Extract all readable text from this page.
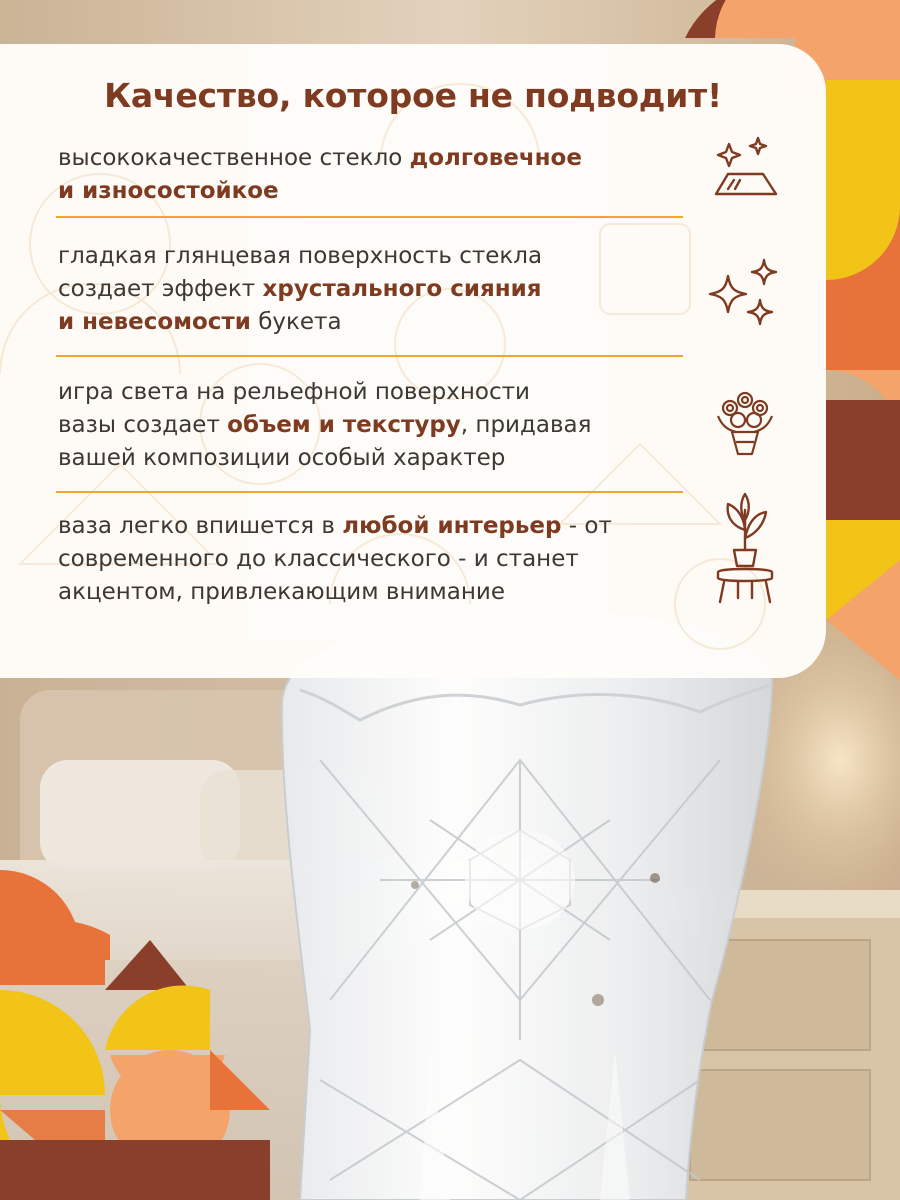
Качество, которое не подводит!

высококачественное стекло долговечное
и износостойкое

гладкая глянцевая поверхность стекла
создает эффект хрустального сияния
и невесомости букета

игра света на рельефной поверхности
вазы создает объем и текстуру, придавая
вашей композиции особый характер

ваза легко впишется в любой интерьер - от
современного до классического - и станет
акцентом, привлекающим внимание
